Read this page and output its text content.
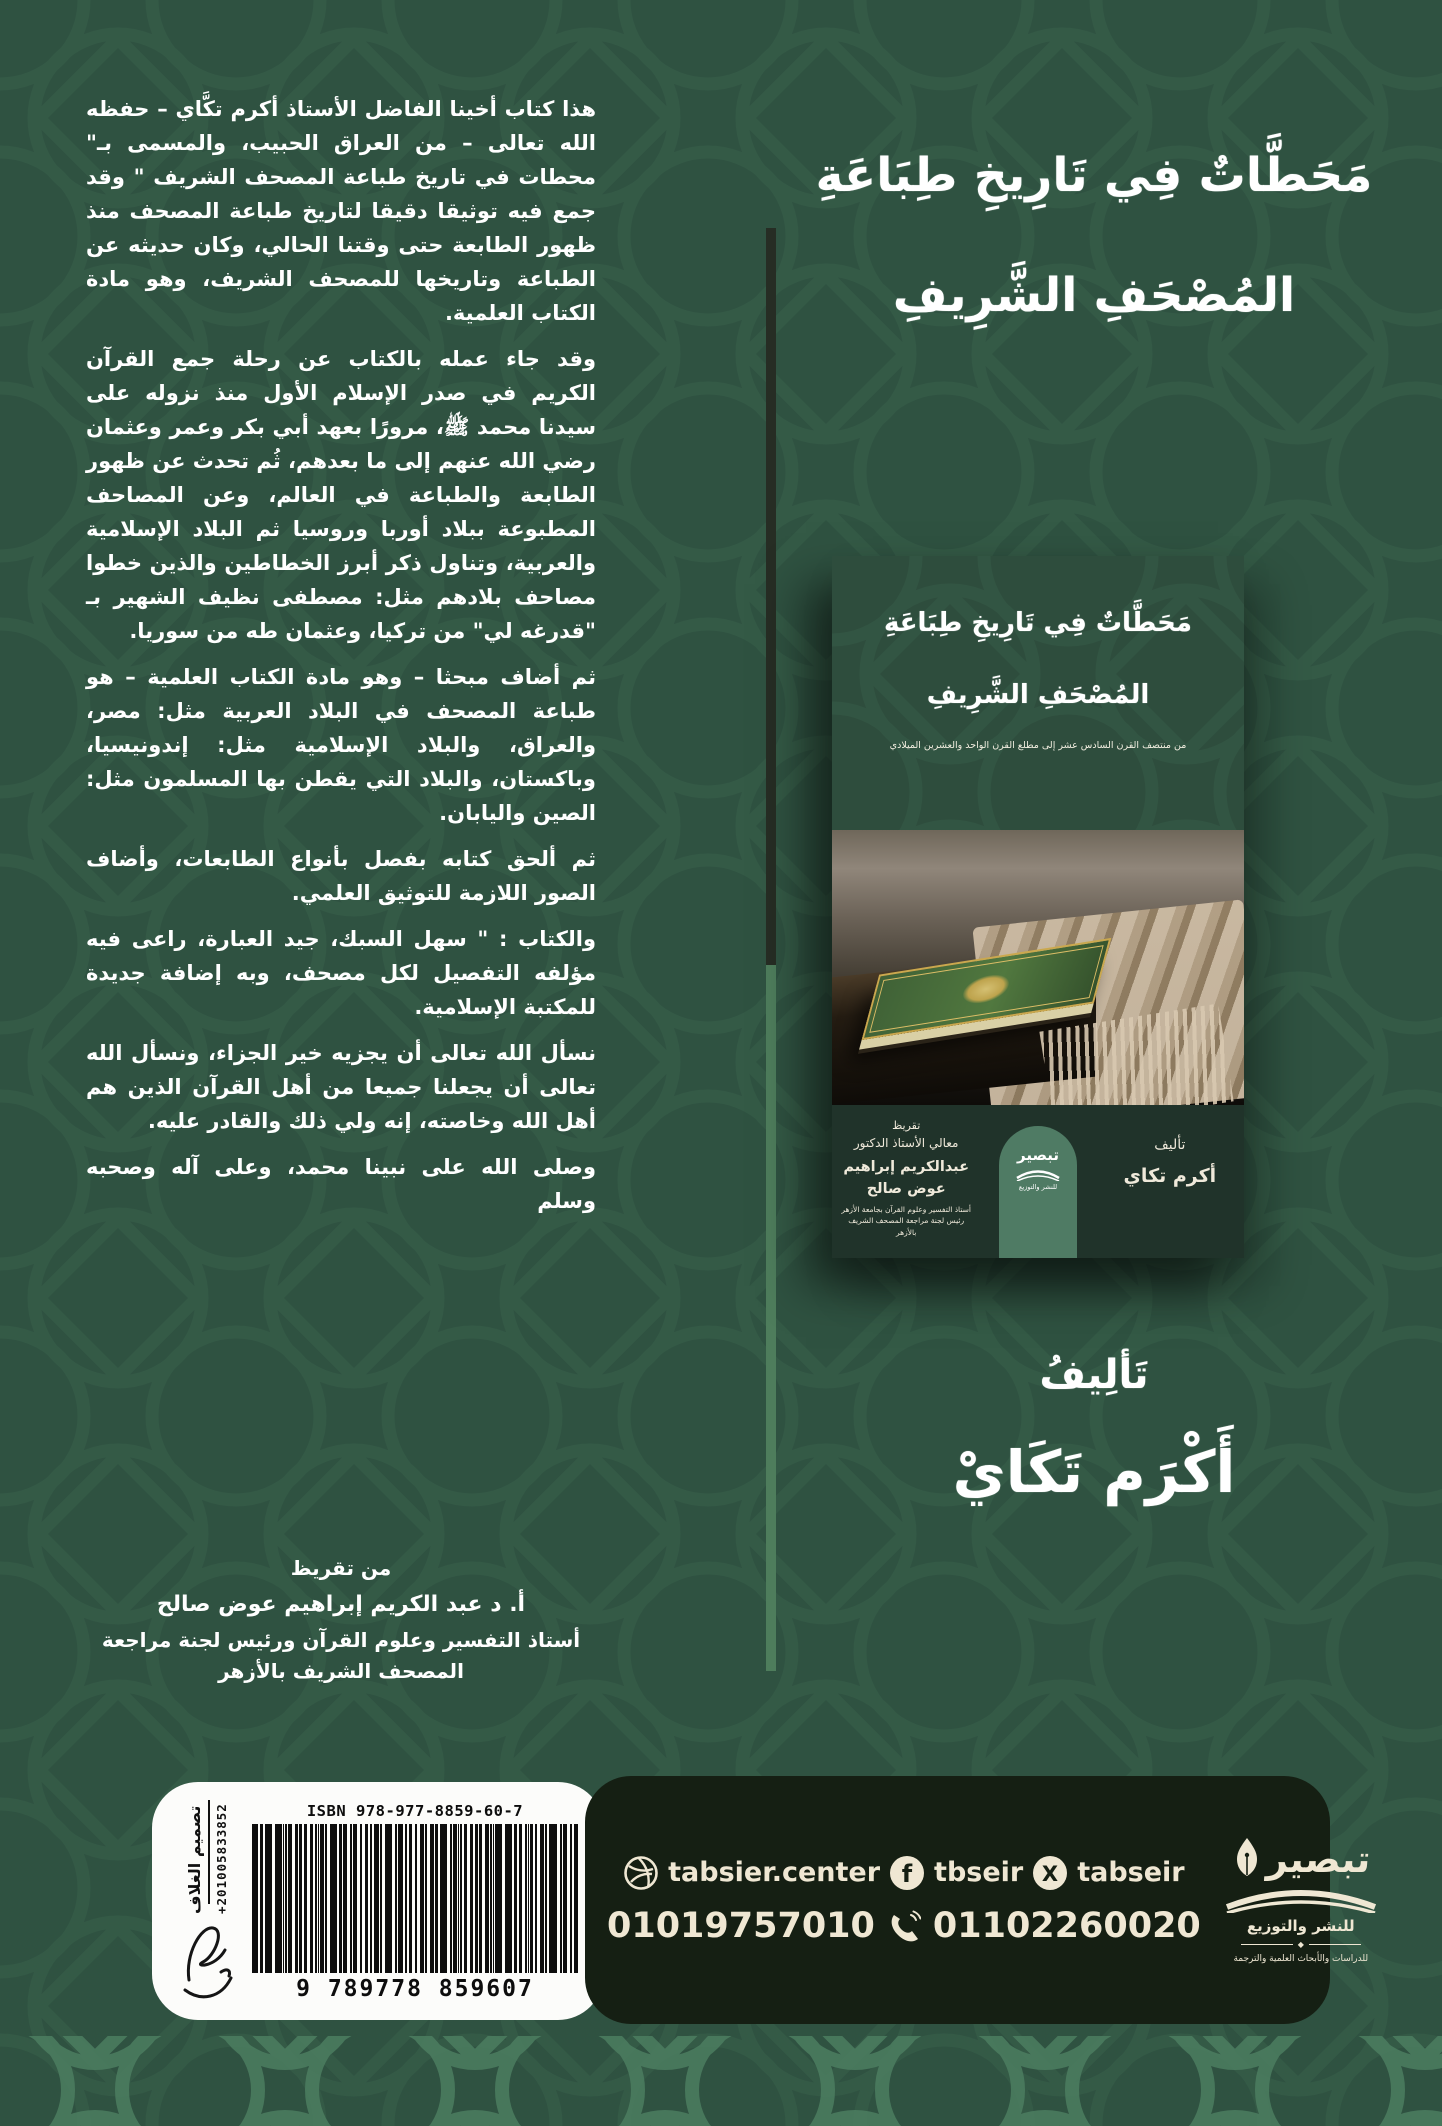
هذا كتاب أخينا الفاضل الأستاذ أكرم تكَّاي – حفظه الله تعالى – من العراق الحبيب، والمسمى بـ" محطات في تاريخ طباعة المصحف الشريف " وقد جمع فيه توثيقا دقيقا لتاريخ طباعة المصحف منذ ظهور الطابعة حتى وقتنا الحالي، وكان حديثه عن الطباعة وتاريخها للمصحف الشريف، وهو مادة الكتاب العلمية.

وقد جاء عمله بالكتاب عن رحلة جمع القرآن الكريم في صدر الإسلام الأول منذ نزوله على سيدنا محمد ﷺ، مرورًا بعهد أبي بكر وعمر وعثمان رضي الله عنهم إلى ما بعدهم، ثُم تحدث عن ظهور الطابعة والطباعة في العالم، وعن المصاحف المطبوعة ببلاد أوربا وروسيا ثم البلاد الإسلامية والعربية، وتناول ذكر أبرز الخطاطين والذين خطوا مصاحف بلادهم مثل: مصطفى نظيف الشهير بـ "قدرغه لي" من تركيا، وعثمان طه من سوريا.

ثم أضاف مبحثا – وهو مادة الكتاب العلمية – هو طباعة المصحف في البلاد العربية مثل: مصر، والعراق، والبلاد الإسلامية مثل: إندونيسيا، وباكستان، والبلاد التي يقطن بها المسلمون مثل: الصين واليابان.

ثم ألحق كتابه بفصل بأنواع الطابعات، وأضاف الصور اللازمة للتوثيق العلمي.

والكتاب : " سهل السبك، جيد العبارة، راعى فيه مؤلفه التفصيل لكل مصحف، وبه إضافة جديدة للمكتبة الإسلامية.

نسأل الله تعالى أن يجزيه خير الجزاء، ونسأل الله تعالى أن يجعلنا جميعا من أهل القرآن الذين هم أهل الله وخاصته، إنه ولي ذلك والقادر عليه.

وصلى الله على نبينا محمد، وعلى آله وصحبه وسلم

من تقريظ
أ. د عبد الكريم إبراهيم عوض صالح
أستاذ التفسير وعلوم القرآن ورئيس لجنة مراجعة
المصحف الشريف بالأزهر
مَحَطَّاتٌ فِي تَارِيخِ طِبَاعَةِ
المُصْحَفِ الشَّرِيفِ
مَحَطَّاتٌ فِي تَارِيخِ طِبَاعَةِ
المُصْحَفِ الشَّرِيفِ
من منتصف القرن السادس عشر إلى مطلع القرن الواحد والعشرين الميلادي
تأليف
أكرم تكاي
تقريظ
معالي الأستاذ الدكتور
عبدالكريم إبراهيم عوض صالح
أستاذ التفسير وعلوم القرآن بجامعة الأزهر
رئيس لجنة مراجعة المصحف الشريف بالأزهر
تبصير
للنشر والتوزيع
تَألِيفُ
أَكْرَم تَكَايْ
تصميم الغلاف +201005833852	ISBN 978-977-8859-60-7
9 789778 859607
tabsier.center f tbseir X tabseir
01019757010 01102260020
تبصير
للنشر والتوزيع
◆
للدراسات والأبحاث العلمية والترجمة
